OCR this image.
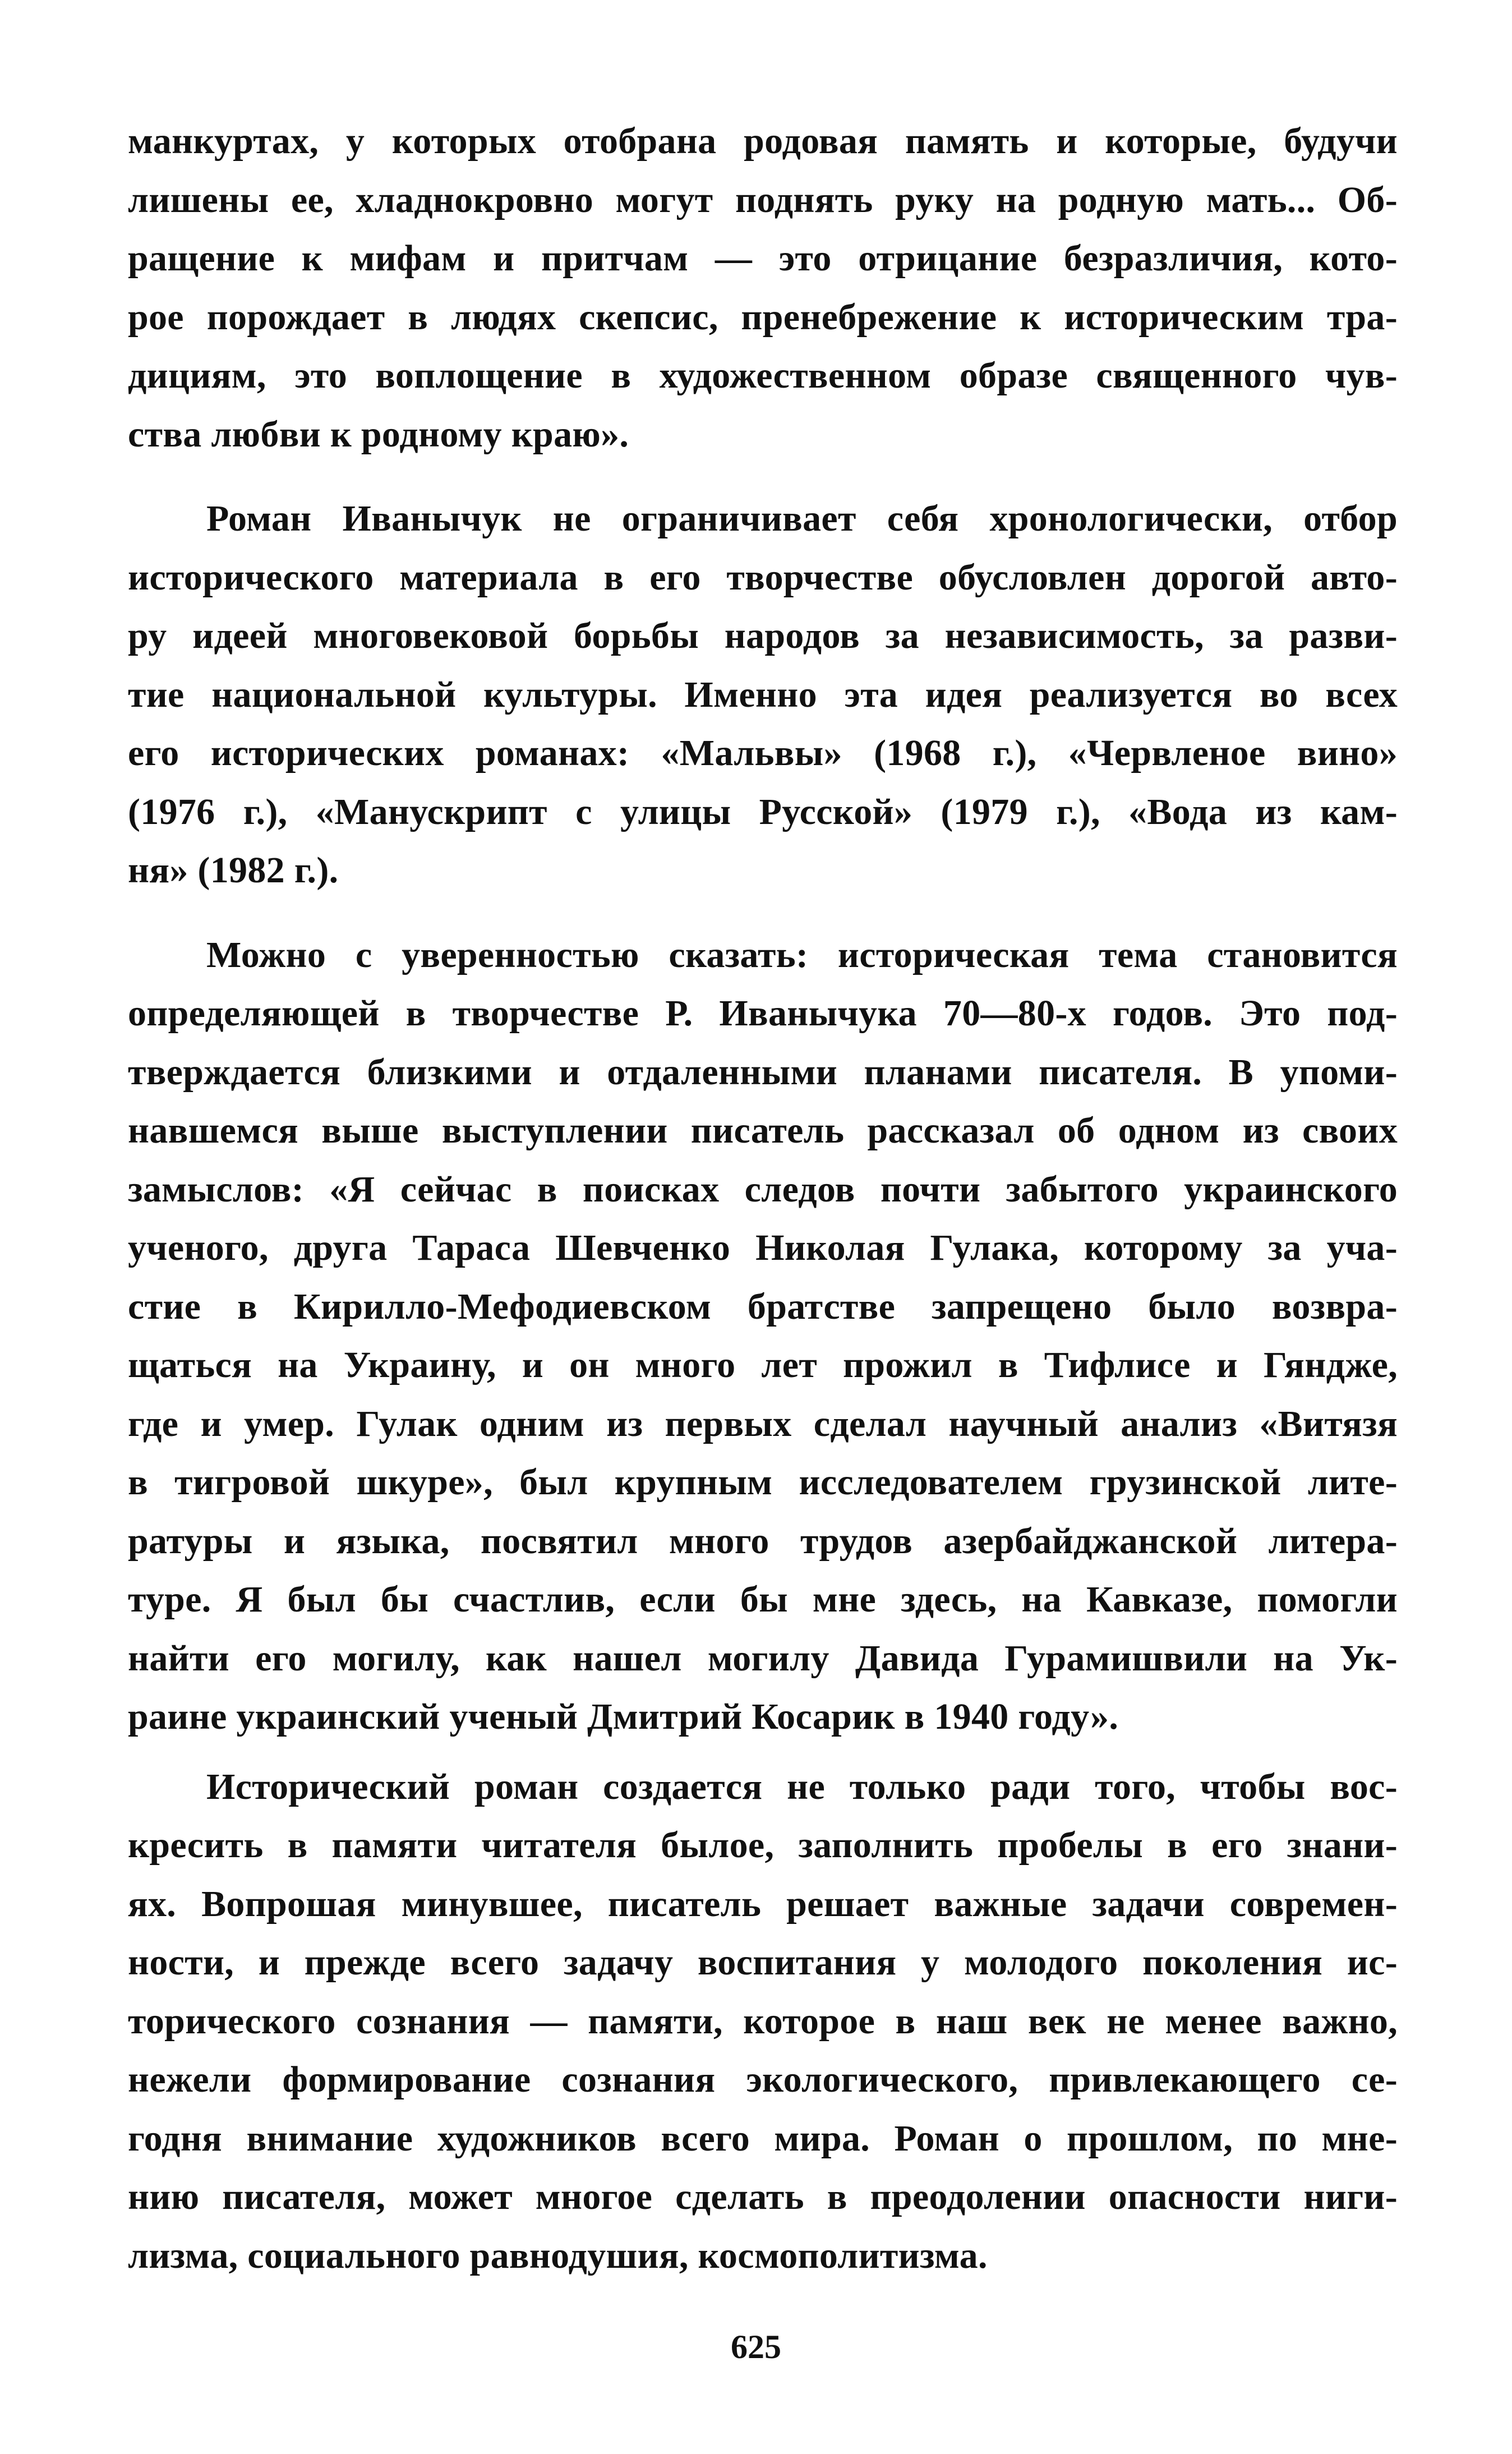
манкуртах, у которых отобрана родовая память и которые, будучи
лишены ее, хладнокровно могут поднять руку на родную мать... Об-
ращение к мифам и притчам — это отрицание безразличия, кото-
рое порождает в людях скепсис, пренебрежение к историческим тра-
дициям, это воплощение в художественном образе священного чув-
ства любви к родному краю».
Роман Иванычук не ограничивает себя хронологически, отбор
исторического материала в его творчестве обусловлен дорогой авто-
ру идеей многовековой борьбы народов за независимость, за разви-
тие национальной культуры. Именно эта идея реализуется во всех
его исторических романах: «Мальвы» (1968 г.), «Червленое вино»
(1976 г.), «Манускрипт с улицы Русской» (1979 г.), «Вода из кам-
ня» (1982 г.).
Можно с уверенностью сказать: историческая тема становится
определяющей в творчестве Р. Иванычука 70—80-х годов. Это под-
тверждается близкими и отдаленными планами писателя. В упоми-
навшемся выше выступлении писатель рассказал об одном из своих
замыслов: «Я сейчас в поисках следов почти забытого украинского
ученого, друга Тараса Шевченко Николая Гулака, которому за уча-
стие в Кирилло-Мефодиевском братстве запрещено было возвра-
щаться на Украину, и он много лет прожил в Тифлисе и Гяндже,
где и умер. Гулак одним из первых сделал научный анализ «Витязя
в тигровой шкуре», был крупным исследователем грузинской лите-
ратуры и языка, посвятил много трудов азербайджанской литера-
туре. Я был бы счастлив, если бы мне здесь, на Кавказе, помогли
найти его могилу, как нашел могилу Давида Гурамишвили на Ук-
раине украинский ученый Дмитрий Косарик в 1940 году».
Исторический роман создается не только ради того, чтобы вос-
кресить в памяти читателя былое, заполнить пробелы в его знани-
ях. Вопрошая минувшее, писатель решает важные задачи современ-
ности, и прежде всего задачу воспитания у молодого поколения ис-
торического сознания — памяти, которое в наш век не менее важно,
нежели формирование сознания экологического, привлекающего се-
годня внимание художников всего мира. Роман о прошлом, по мне-
нию писателя, может многое сделать в преодолении опасности ниги-
лизма, социального равнодушия, космополитизма.
625
